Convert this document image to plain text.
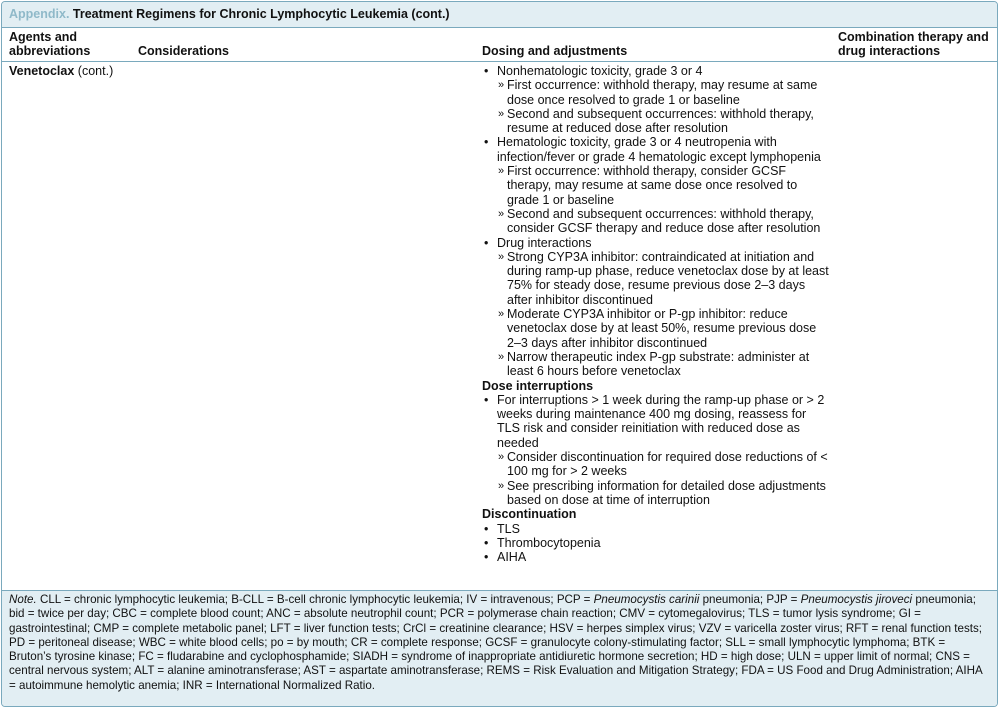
Appendix. Treatment Regimens for Chronic Lymphocytic Leukemia (cont.)
Agents and abbreviations	Considerations	Dosing and adjustments
Combination therapy and drug interactions
Venetoclax (cont.)
•	Nonhematologic toxicity, grade 3 or 4
» First occurrence: withhold therapy, may resume at same dose once resolved to grade 1 or baseline
» Second and subsequent occurrences: withhold therapy, resume at reduced dose after resolution
• Hematologic toxicity, grade 3 or 4 neutropenia with infection/fever or grade 4 hematologic except lymphopenia
» First occurrence: withhold therapy, consider GCSF therapy, may resume at same dose once resolved to grade 1 or baseline
» Second and subsequent occurrences: withhold therapy, consider GCSF therapy and reduce dose after resolution
• Drug interactions
» Strong CYP3A inhibitor: contraindicated at initiation and during ramp-up phase, reduce venetoclax dose by at least 75% for steady dose, resume previous dose 2–3 days after inhibitor discontinued
» Moderate CYP3A inhibitor or P-gp inhibitor: reduce venetoclax dose by at least 50%, resume previous dose 2–3 days after inhibitor discontinued
» Narrow therapeutic index P-gp substrate: administer at least 6 hours before venetoclax
Dose interruptions
• For interruptions > 1 week during the ramp-up phase or > 2 weeks during maintenance 400 mg dosing, reassess for TLS risk and consider reinitiation with reduced dose as needed
» Consider discontinuation for required dose reductions of < 100 mg for > 2 weeks
» See prescribing information for detailed dose adjustments based on dose at time of interruption
Discontinuation
• TLS
• Thrombocytopenia
• AIHA
Note. CLL = chronic lymphocytic leukemia; B-CLL = B-cell chronic lymphocytic leukemia; IV = intravenous; PCP = Pneumocystis carinii pneumonia; PJP = Pneumocystis jiroveci pneumonia; bid = twice per day; CBC = complete blood count; ANC = absolute neutrophil count; PCR = polymerase chain reaction; CMV = cytomegalovirus; TLS = tumor lysis syndrome; GI = gastrointestinal; CMP = complete metabolic panel; LFT = liver function tests; CrCl = creatinine clearance; HSV = herpes simplex virus; VZV = varicella zoster virus; RFT = renal function tests; PD = peritoneal disease; WBC = white blood cells; po = by mouth; CR = complete response; GCSF = granulocyte colony-stimulating factor; SLL = small lymphocytic lymphoma; BTK = Bruton’s tyrosine kinase; FC = fludarabine and cyclophosphamide; SIADH = syndrome of inappropriate antidiuretic hormone secretion; HD = high dose; ULN = upper limit of normal; CNS = central nervous system; ALT = alanine aminotransferase; AST = aspartate aminotransferase; REMS = Risk Evaluation and Mitigation Strategy; FDA = US Food and Drug Administration; AIHA = autoimmune hemolytic anemia; INR = International Normalized Ratio.
